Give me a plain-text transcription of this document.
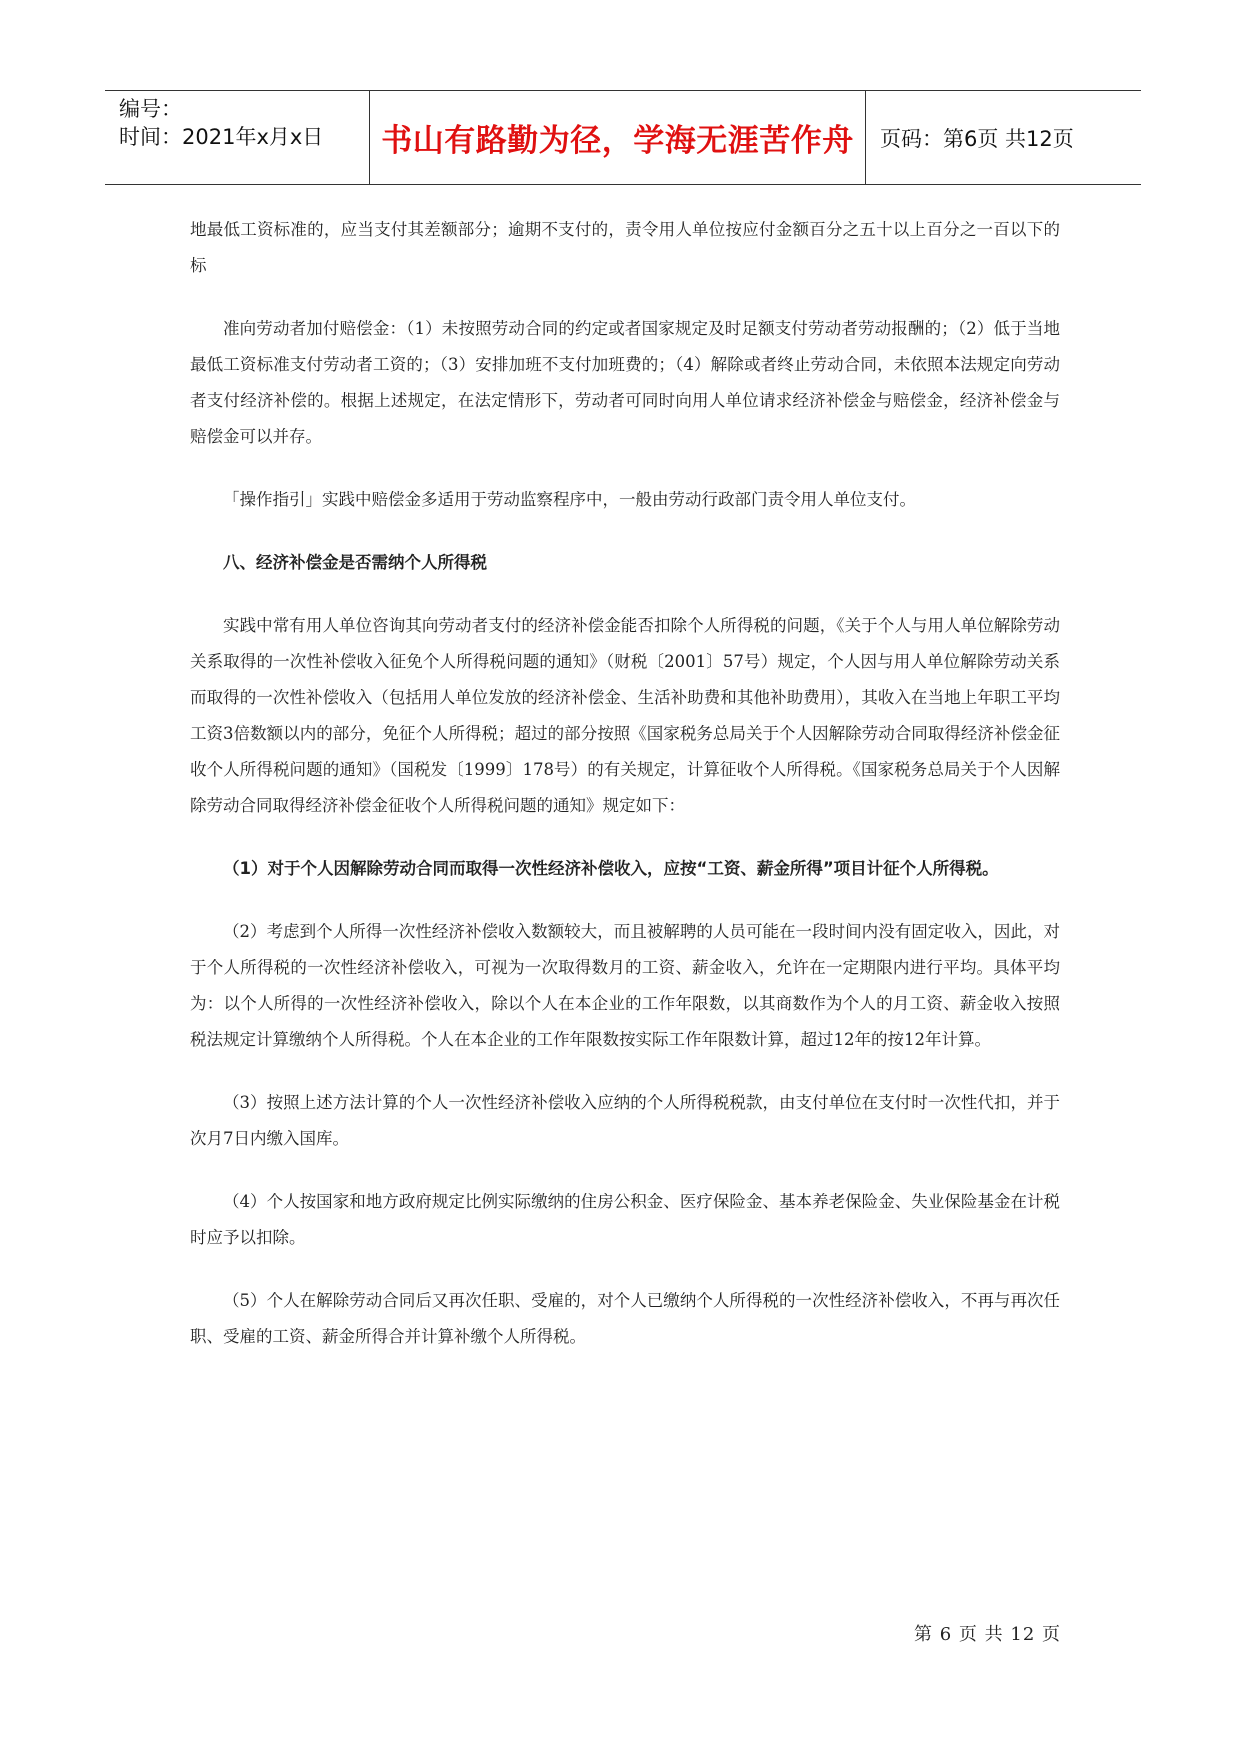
编号：
时间：2021年x月x日 书山有路勤为径，学海无涯苦作舟 页码：第6页 共12页

地最低工资标准的，应当支付其差额部分；逾期不支付的，责令用人单位按应付金额百分之五十以上百分之一百以下的标

准向劳动者加付赔偿金：（1）未按照劳动合同的约定或者国家规定及时足额支付劳动者劳动报酬的；（2）低于当地最低工资标准支付劳动者工资的；（3）安排加班不支付加班费的；（4）解除或者终止劳动合同，未依照本法规定向劳动者支付经济补偿的。根据上述规定，在法定情形下，劳动者可同时向用人单位请求经济补偿金与赔偿金，经济补偿金与赔偿金可以并存。

「操作指引」实践中赔偿金多适用于劳动监察程序中，一般由劳动行政部门责令用人单位支付。

八、经济补偿金是否需纳个人所得税

实践中常有用人单位咨询其向劳动者支付的经济补偿金能否扣除个人所得税的问题，《关于个人与用人单位解除劳动关系取得的一次性补偿收入征免个人所得税问题的通知》（财税〔2001〕57号）规定，个人因与用人单位解除劳动关系而取得的一次性补偿收入（包括用人单位发放的经济补偿金、生活补助费和其他补助费用），其收入在当地上年职工平均工资3倍数额以内的部分，免征个人所得税；超过的部分按照《国家税务总局关于个人因解除劳动合同取得经济补偿金征收个人所得税问题的通知》（国税发〔1999〕178号）的有关规定，计算征收个人所得税。《国家税务总局关于个人因解除劳动合同取得经济补偿金征收个人所得税问题的通知》规定如下：

（1）对于个人因解除劳动合同而取得一次性经济补偿收入，应按“工资、薪金所得”项目计征个人所得税。

（2）考虑到个人所得一次性经济补偿收入数额较大，而且被解聘的人员可能在一段时间内没有固定收入，因此，对于个人所得税的一次性经济补偿收入，可视为一次取得数月的工资、薪金收入，允许在一定期限内进行平均。具体平均为：以个人所得的一次性经济补偿收入，除以个人在本企业的工作年限数，以其商数作为个人的月工资、薪金收入按照税法规定计算缴纳个人所得税。个人在本企业的工作年限数按实际工作年限数计算，超过12年的按12年计算。

（3）按照上述方法计算的个人一次性经济补偿收入应纳的个人所得税税款，由支付单位在支付时一次性代扣，并于次月7日内缴入国库。

（4）个人按国家和地方政府规定比例实际缴纳的住房公积金、医疗保险金、基本养老保险金、失业保险基金在计税时应予以扣除。

（5）个人在解除劳动合同后又再次任职、受雇的，对个人已缴纳个人所得税的一次性经济补偿收入，不再与再次任职、受雇的工资、薪金所得合并计算补缴个人所得税。

第 6 页 共 12 页
